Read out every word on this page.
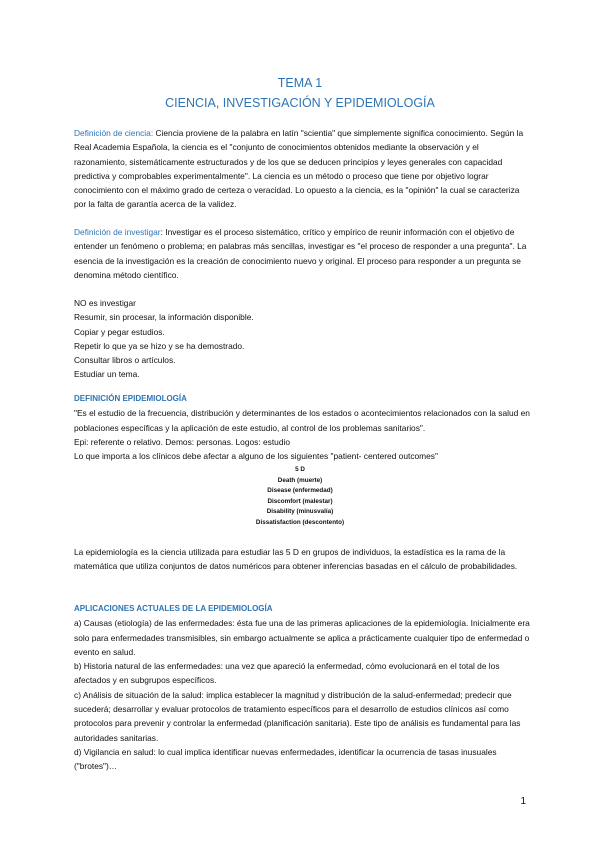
TEMA 1
CIENCIA, INVESTIGACIÓN Y EPIDEMIOLOGÍA

Definición de ciencia: Ciencia proviene de la palabra en latín "scientia" que simplemente significa conocimiento. Según la Real Academia Española, la ciencia es el "conjunto de conocimientos obtenidos mediante la observación y el razonamiento, sistemáticamente estructurados y de los que se deducen principios y leyes generales con capacidad predictiva y comprobables experimentalmente". La ciencia es un método o proceso que tiene por objetivo lograr conocimiento con el máximo grado de certeza o veracidad. Lo opuesto a la ciencia, es la "opinión" la cual se caracteriza por la falta de garantía acerca de la validez.

Definición de investigar: Investigar es el proceso sistemático, crítico y empírico de reunir información con el objetivo de entender un fenómeno o problema; en palabras más sencillas, investigar es "el proceso de responder a una pregunta". La esencia de la investigación es la creación de conocimiento nuevo y original. El proceso para responder a un pregunta se denomina método científico.

NO es investigar

Resumir, sin procesar, la información disponible.

Copiar y pegar estudios.

Repetir lo que ya se hizo y se ha demostrado.

Consultar libros o artículos.

Estudiar un tema.

DEFINICIÓN EPIDEMIOLOGÍA

"Es el estudio de la frecuencia, distribución y determinantes de los estados o acontecimientos relacionados con la salud en poblaciones específicas y la aplicación de este estudio, al control de los problemas sanitarios".

Epi: referente o relativo. Demos: personas. Logos: estudio

Lo que importa a los clínicos debe afectar a alguno de los siguientes "patient- centered outcomes"

5 D

Death (muerte)

Disease (enfermedad)

Discomfort (malestar)

Disability (minusvalía)

Dissatisfaction (descontento)

La epidemiología es la ciencia utilizada para estudiar las 5 D en grupos de individuos, la estadística es la rama de la matemática que utiliza conjuntos de datos numéricos para obtener inferencias basadas en el cálculo de probabilidades.

APLICACIONES ACTUALES DE LA EPIDEMIOLOGÍA

a) Causas (etiología) de las enfermedades: ésta fue una de las primeras aplicaciones de la epidemiología. Inicialmente era solo para enfermedades transmisibles, sin embargo actualmente se aplica a prácticamente cualquier tipo de enfermedad o evento en salud.

b) Historia natural de las enfermedades: una vez que apareció la enfermedad, cómo evolucionará en el total de los afectados y en subgrupos específicos.

c) Análisis de situación de la salud: implica establecer la magnitud y distribución de la salud-enfermedad; predecir que sucederá; desarrollar y evaluar protocolos de tratamiento específicos para el desarrollo de estudios clínicos así como protocolos para prevenir y controlar la enfermedad (planificación sanitaria). Este tipo de análisis es fundamental para las autoridades sanitarias.

d) Vigilancia en salud: lo cual implica identificar nuevas enfermedades, identificar la ocurrencia de tasas inusuales ("brotes")…

1
